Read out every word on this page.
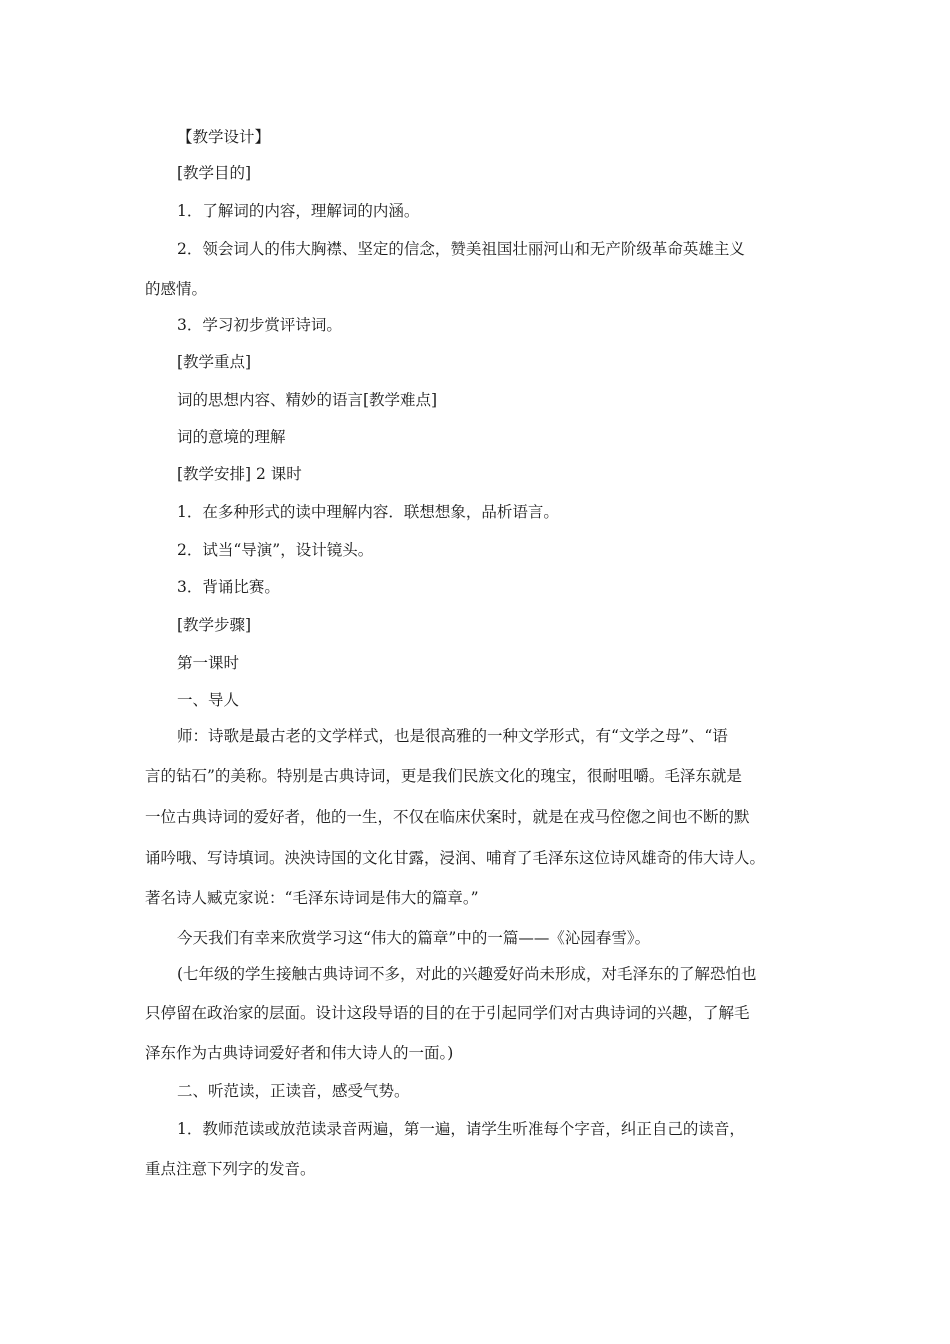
【教学设计】
[教学目的]
1．了解词的内容，理解词的内涵。
2．领会词人的伟大胸襟、坚定的信念，赞美祖国壮丽河山和无产阶级革命英雄主义
的感情。
3．学习初步赏评诗词。
[教学重点]
词的思想内容、精妙的语言[教学难点]
词的意境的理解
[教学安排] 2 课时
1．在多种形式的读中理解内容．联想想象，品析语言。
2．试当“导演”，设计镜头。
3．背诵比赛。
[教学步骤]
第一课时
一、导人
师：诗歌是最古老的文学样式，也是很高雅的一种文学形式，有“文学之母”、“语
言的钻石”的美称。特别是古典诗词，更是我们民族文化的瑰宝，很耐咀嚼。毛泽东就是
一位古典诗词的爱好者，他的一生，不仅在临床伏案时，就是在戎马倥偬之间也不断的默
诵吟哦、写诗填词。泱泱诗国的文化甘露，浸润、哺育了毛泽东这位诗风雄奇的伟大诗人。
著名诗人臧克家说：“毛泽东诗词是伟大的篇章。”
今天我们有幸来欣赏学习这“伟大的篇章”中的一篇——《沁园春雪》。
(七年级的学生接触古典诗词不多，对此的兴趣爱好尚未形成，对毛泽东的了解恐怕也
只停留在政治家的层面。设计这段导语的目的在于引起同学们对古典诗词的兴趣，了解毛
泽东作为古典诗词爱好者和伟大诗人的一面。)
二、听范读，正读音，感受气势。
1．教师范读或放范读录音两遍，第一遍，请学生听准每个字音，纠正自己的读音，
重点注意下列字的发音。
